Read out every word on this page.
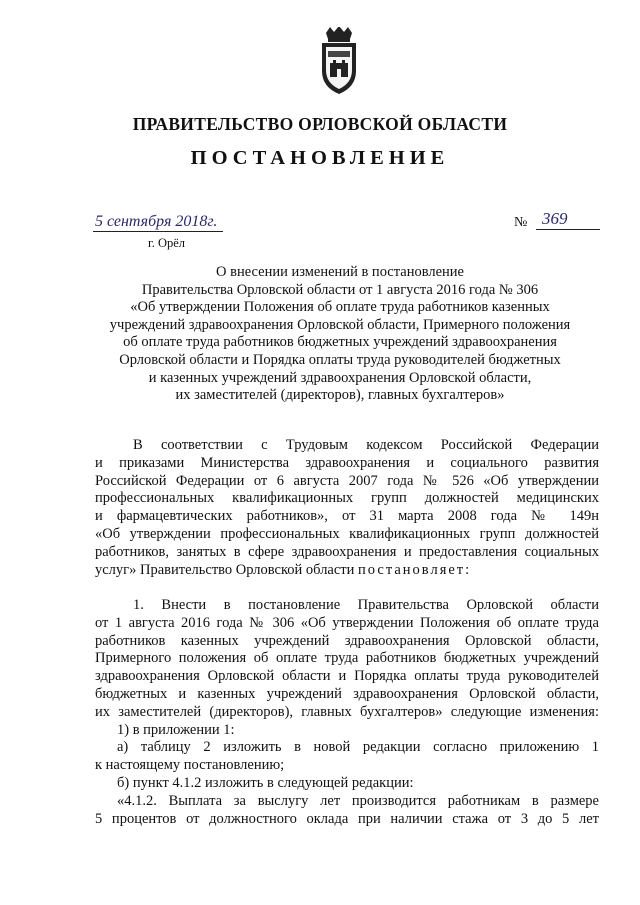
ПРАВИТЕЛЬСТВО ОРЛОВСКОЙ ОБЛАСТИ
ПОСТАНОВЛЕНИЕ
5 сентября 2018г.
г. Орёл
№ 369
О внесении изменений в постановление
Правительства Орловской области от 1 августа 2016 года № 306
«Об утверждении Положения об оплате труда работников казенных
учреждений здравоохранения Орловской области, Примерного положения
об оплате труда работников бюджетных учреждений здравоохранения
Орловской области и Порядка оплаты труда руководителей бюджетных
и казенных учреждений здравоохранения Орловской области,
их заместителей (директоров), главных бухгалтеров»
В соответствии с Трудовым кодексом Российской Федерации
и приказами Министерства здравоохранения и социального развития
Российской Федерации от 6 августа 2007 года № 526 «Об утверждении
профессиональных квалификационных групп должностей медицинских
и фармацевтических работников», от 31 марта 2008 года № 149н
«Об утверждении профессиональных квалификационных групп должностей
работников, занятых в сфере здравоохранения и предоставления социальных
услуг» Правительство Орловской области постановляет:
1. Внести в постановление Правительства Орловской области
от 1 августа 2016 года № 306 «Об утверждении Положения об оплате труда
работников казенных учреждений здравоохранения Орловской области,
Примерного положения об оплате труда работников бюджетных учреждений
здравоохранения Орловской области и Порядка оплаты труда руководителей
бюджетных и казенных учреждений здравоохранения Орловской области,
их заместителей (директоров), главных бухгалтеров» следующие изменения:
1) в приложении 1:
а) таблицу 2 изложить в новой редакции согласно приложению 1
к настоящему постановлению;
б) пункт 4.1.2 изложить в следующей редакции:
«4.1.2. Выплата за выслугу лет производится работникам в размере
5 процентов от должностного оклада при наличии стажа от 3 до 5 лет
